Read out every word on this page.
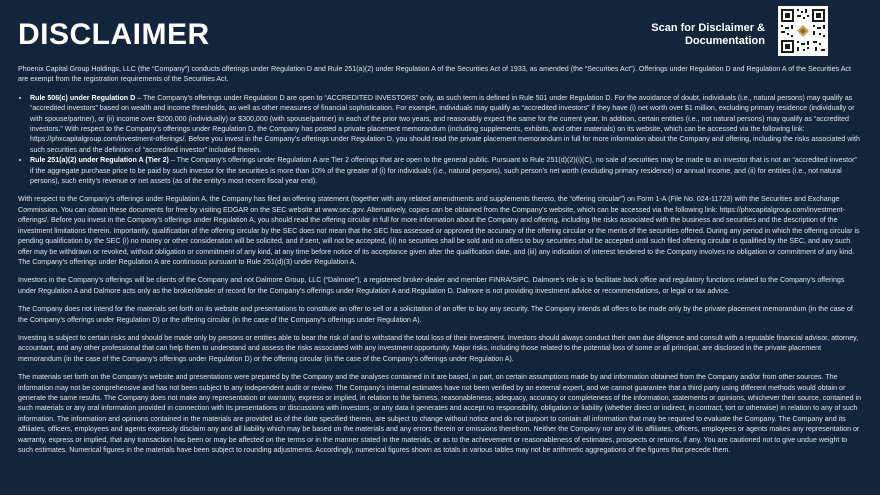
DISCLAIMER	Scan for Disclaimer &
Documentation

Phoenix Capital Group Holdings, LLC (the “Company”) conducts offerings under Regulation D and Rule 251(a)(2) under Regulation A of the Securities Act of 1933, as amended (the “Securities Act”). Offerings under Regulation D and Regulation A of the Securities Act are exempt from the registration requirements of the Securities Act.

• Rule 506(c) under Regulation D – The Company’s offerings under Regulation D are open to “ACCREDITED INVESTORS” only, as such term is defined in Rule 501 under Regulation D. For the avoidance of doubt, individuals (i.e., natural persons) may qualify as “accredited investors” based on wealth and income thresholds, as well as other measures of financial sophistication. For example, individuals may qualify as “accredited investors” if they have (i) net worth over $1 million, excluding primary residence (individually or with spouse/partner), or (ii) income over $200,000 (individually) or $300,000 (with spouse/partner) in each of the prior two years, and reasonably expect the same for the current year. In addition, certain entities (i.e., not natural persons) may qualify as “accredited investors.” With respect to the Company’s offerings under Regulation D, the Company has posted a private placement memorandum (including supplements, exhibits, and other materials) on its website, which can be accessed via the following link: https://phxcapitalgroup.com/investment-offerings/. Before you invest in the Company’s offerings under Regulation D, you should read the private placement memorandum in full for more information about the Company and offering, including the risks associated with such securities and the definition of “accredited investor” included therein.
• Rule 251(a)(2) under Regulation A (Tier 2) – The Company’s offerings under Regulation A are Tier 2 offerings that are open to the general public. Pursuant to Rule 251(d)(2)(i)(C), no sale of securities may be made to an investor that is not an “accredited investor” if the aggregate purchase price to be paid by such investor for the securities is more than 10% of the greater of (i) for individuals (i.e., natural persons), such person’s net worth (excluding primary residence) or annual income, and (ii) for entities (i.e., not natural persons), such entity’s revenue or net assets (as of the entity’s most recent fiscal year end).

With respect to the Company’s offerings under Regulation A, the Company has filed an offering statement (together with any related amendments and supplements thereto, the “offering circular”) on Form 1-A (File No. 024-11723) with the Securities and Exchange Commission. You can obtain these documents for free by visiting EDGAR on the SEC website at www.sec.gov. Alternatively, copies can be obtained from the Company’s website, which can be accessed via the following link: https://phxcapitalgroup.com/investment-offerings/. Before you invest in the Company’s offerings under Regulation A, you should read the offering circular in full for more information about the Company and offering, including the risks associated with the business and securities and the description of the investment limitations therein. Importantly, qualification of the offering circular by the SEC does not mean that the SEC has assessed or approved the accuracy of the offering circular or the merits of the securities offered. During any period in which the offering circular is pending qualification by the SEC (i) no money or other consideration will be solicited, and if sent, will not be accepted, (ii) no securities shall be sold and no offers to buy securities shall be accepted until such filed offering circular is qualified by the SEC, and any such offer may be withdrawn or revoked, without obligation or commitment of any kind, at any time before notice of its acceptance given after the qualification date, and (iii) any indication of interest tendered to the Company involves no obligation or commitment of any kind. The Company’s offerings under Regulation A are continuous pursuant to Rule 251(d)(3) under Regulation A.

Investors in the Company’s offerings will be clients of the Company and not Dalmore Group, LLC (“Dalmore”), a registered broker-dealer and member FINRA/SIPC. Dalmore’s role is to facilitate back office and regulatory functions related to the Company’s offerings under Regulation A and Dalmore acts only as the broker/dealer of record for the Company’s offerings under Regulation A and Regulation D. Dalmore is not providing investment advice or recommendations, or legal or tax advice.

The Company does not intend for the materials set forth on its website and presentations to constitute an offer to sell or a solicitation of an offer to buy any security. The Company intends all offers to be made only by the private placement memorandum (in the case of the Company’s offerings under Regulation D) or the offering circular (in the case of the Company’s offerings under Regulation A).

Investing is subject to certain risks and should be made only by persons or entities able to bear the risk of and to withstand the total loss of their investment. Investors should always conduct their own due diligence and consult with a reputable financial advisor, attorney, accountant, and any other professional that can help them to understand and assess the risks associated with any investment opportunity. Major risks, including those related to the potential loss of some or all principal, are disclosed in the private placement memorandum (in the case of the Company’s offerings under Regulation D) or the offering circular (in the case of the Company’s offerings under Regulation A).

The materials set forth on the Company’s website and presentations were prepared by the Company and the analyses contained in it are based, in part, on certain assumptions made by and information obtained from the Company and/or from other sources. The information may not be comprehensive and has not been subject to any independent audit or review. The Company’s internal estimates have not been verified by an external expert, and we cannot guarantee that a third party using different methods would obtain or generate the same results. The Company does not make any representation or warranty, express or implied, in relation to the fairness, reasonableness, adequacy, accuracy or completeness of the information, statements or opinions, whichever their source, contained in such materials or any oral information provided in connection with its presentations or discussions with investors, or any data it generates and accept no responsibility, obligation or liability (whether direct or indirect, in contract, tort or otherwise) in relation to any of such information. The information and opinions contained in the materials are provided as of the date specified therein, are subject to change without notice and do not purport to contain all information that may be required to evaluate the Company. The Company and its affiliates, officers, employees and agents expressly disclaim any and all liability which may be based on the materials and any errors therein or omissions therefrom. Neither the Company nor any of its affiliates, officers, employees or agents makes any representation or warranty, express or implied, that any transaction has been or may be affected on the terms or in the manner stated in the materials, or as to the achievement or reasonableness of estimates, prospects or returns, if any. You are cautioned not to give undue weight to such estimates. Numerical figures in the materials have been subject to rounding adjustments. Accordingly, numerical figures shown as totals in various tables may not be arithmetic aggregations of the figures that precede them.
